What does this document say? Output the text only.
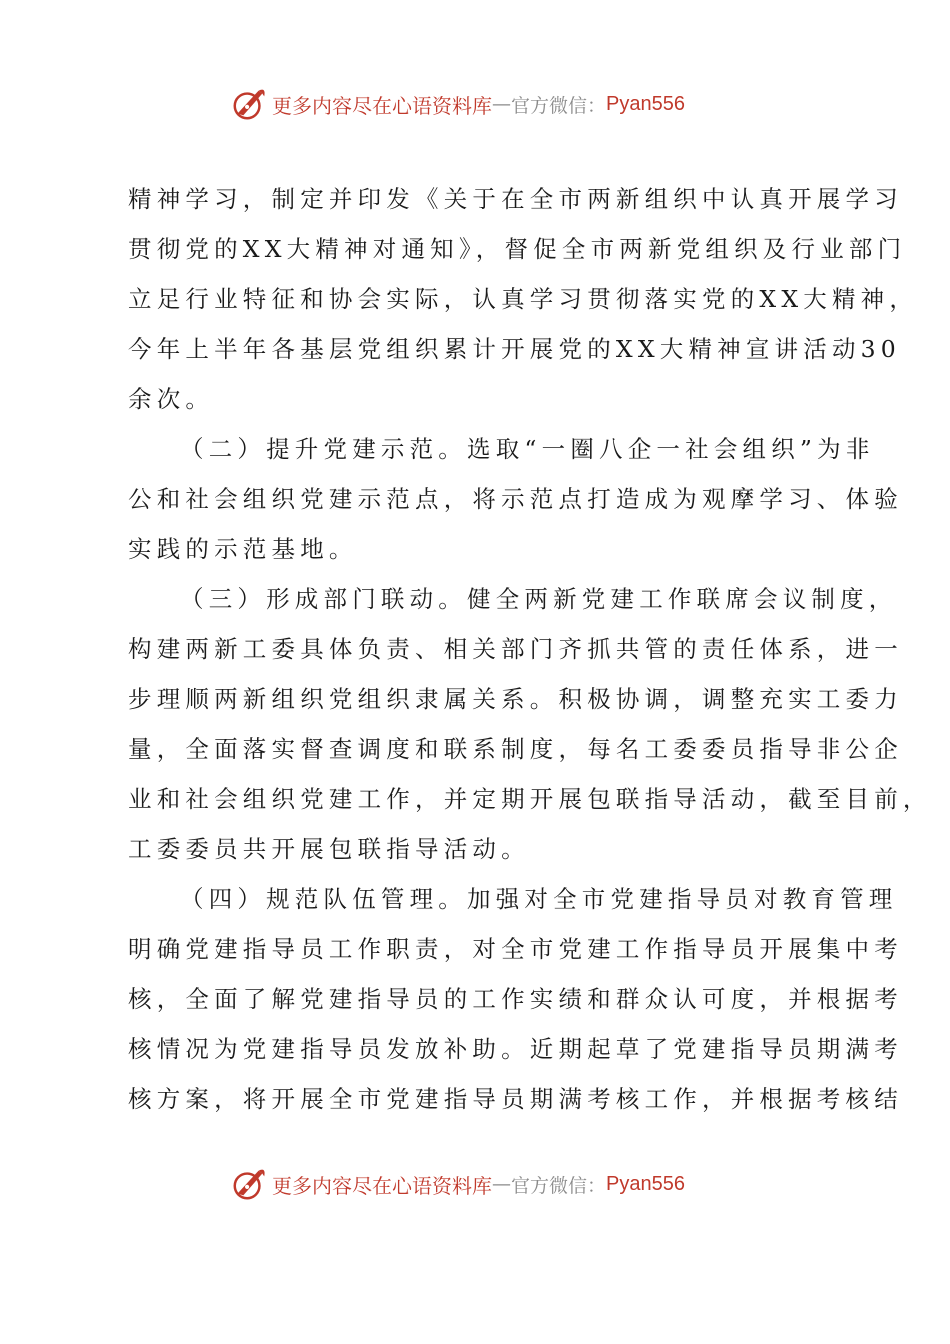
更多内容尽在心语资料库 — 官方微信： Pyan556
精神学习，制定并印发《关于在全市两新组织中认真开展学习
贯彻党的XX大精神对通知》，督促全市两新党组织及行业部门
立足行业特征和协会实际，认真学习贯彻落实党的XX大精神，
今年上半年各基层党组织累计开展党的XX大精神宣讲活动30
余次。
（二）提升党建示范。选取“一圈八企一社会组织”为非
公和社会组织党建示范点，将示范点打造成为观摩学习、体验
实践的示范基地。
（三）形成部门联动。健全两新党建工作联席会议制度，
构建两新工委具体负责、相关部门齐抓共管的责任体系，进一
步理顺两新组织党组织隶属关系。积极协调，调整充实工委力
量，全面落实督查调度和联系制度，每名工委委员指导非公企
业和社会组织党建工作，并定期开展包联指导活动，截至目前，
工委委员共开展包联指导活动。
（四）规范队伍管理。加强对全市党建指导员对教育管理
明确党建指导员工作职责，对全市党建工作指导员开展集中考
核，全面了解党建指导员的工作实绩和群众认可度，并根据考
核情况为党建指导员发放补助。近期起草了党建指导员期满考
核方案，将开展全市党建指导员期满考核工作，并根据考核结
更多内容尽在心语资料库 — 官方微信： Pyan556
